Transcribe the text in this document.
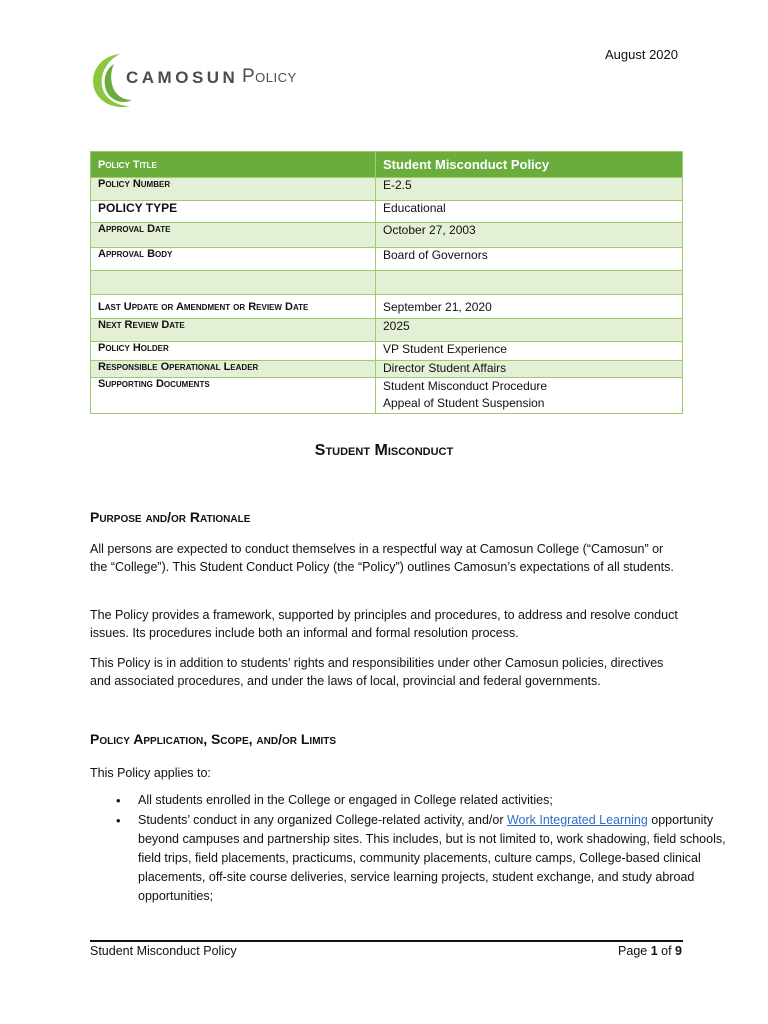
August 2020
CAMOSUN Policy
Policy Title	Student Misconduct Policy
Policy Number	E-2.5
POLICY TYPE	Educational
Approval Date	October 27, 2003
Approval Body	Board of Governors

Last Update or Amendment or Review Date	September 21, 2020
Next Review Date	2025
Policy Holder	VP Student Experience
Responsible Operational Leader	Director Student Affairs
Supporting Documents	Student Misconduct Procedure
Appeal of Student Suspension
Student Misconduct
Purpose and/or Rationale
All persons are expected to conduct themselves in a respectful way at Camosun College (“Camosun” or the “College”). This Student Conduct Policy (the “Policy”) outlines Camosun’s expectations of all students.
The Policy provides a framework, supported by principles and procedures, to address and resolve conduct issues. Its procedures include both an informal and formal resolution process.
This Policy is in addition to students’ rights and responsibilities under other Camosun policies, directives and associated procedures, and under the laws of local, provincial and federal governments.
Policy Application, Scope, and/or Limits
This Policy applies to:
• All students enrolled in the College or engaged in College related activities;
• Students’ conduct in any organized College-related activity, and/or Work Integrated Learning opportunity beyond campuses and partnership sites. This includes, but is not limited to, work shadowing, field schools, field trips, field placements, practicums, community placements, culture camps, College-based clinical placements, off-site course deliveries, service learning projects, student exchange, and study abroad opportunities;
Student Misconduct Policy	Page 1 of 9
